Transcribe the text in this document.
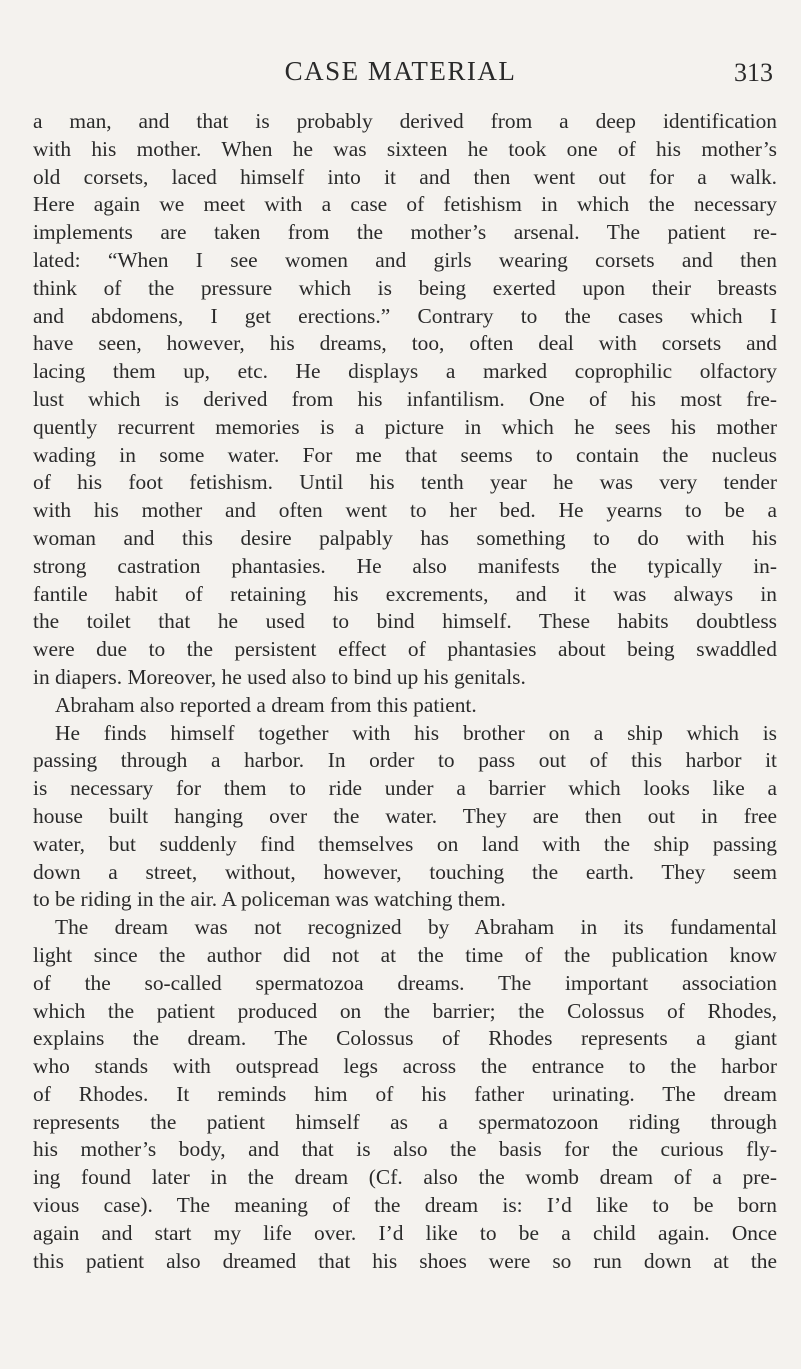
CASE MATERIAL	313
a man, and that is probably derived from a deep identification
with his mother. When he was sixteen he took one of his mother’s
old corsets, laced himself into it and then went out for a walk.
Here again we meet with a case of fetishism in which the necessary
implements are taken from the mother’s arsenal. The patient re-
lated: “When I see women and girls wearing corsets and then
think of the pressure which is being exerted upon their breasts
and abdomens, I get erections.” Contrary to the cases which I
have seen, however, his dreams, too, often deal with corsets and
lacing them up, etc. He displays a marked coprophilic olfactory
lust which is derived from his infantilism. One of his most fre-
quently recurrent memories is a picture in which he sees his mother
wading in some water. For me that seems to contain the nucleus
of his foot fetishism. Until his tenth year he was very tender
with his mother and often went to her bed. He yearns to be a
woman and this desire palpably has something to do with his
strong castration phantasies. He also manifests the typically in-
fantile habit of retaining his excrements, and it was always in
the toilet that he used to bind himself. These habits doubtless
were due to the persistent effect of phantasies about being swaddled
in diapers. Moreover, he used also to bind up his genitals.
Abraham also reported a dream from this patient.
He finds himself together with his brother on a ship which is
passing through a harbor. In order to pass out of this harbor it
is necessary for them to ride under a barrier which looks like a
house built hanging over the water. They are then out in free
water, but suddenly find themselves on land with the ship passing
down a street, without, however, touching the earth. They seem
to be riding in the air. A policeman was watching them.
The dream was not recognized by Abraham in its fundamental
light since the author did not at the time of the publication know
of the so-called spermatozoa dreams. The important association
which the patient produced on the barrier; the Colossus of Rhodes,
explains the dream. The Colossus of Rhodes represents a giant
who stands with outspread legs across the entrance to the harbor
of Rhodes. It reminds him of his father urinating. The dream
represents the patient himself as a spermatozoon riding through
his mother’s body, and that is also the basis for the curious fly-
ing found later in the dream (Cf. also the womb dream of a pre-
vious case). The meaning of the dream is: I’d like to be born
again and start my life over. I’d like to be a child again. Once
this patient also dreamed that his shoes were so run down at the
